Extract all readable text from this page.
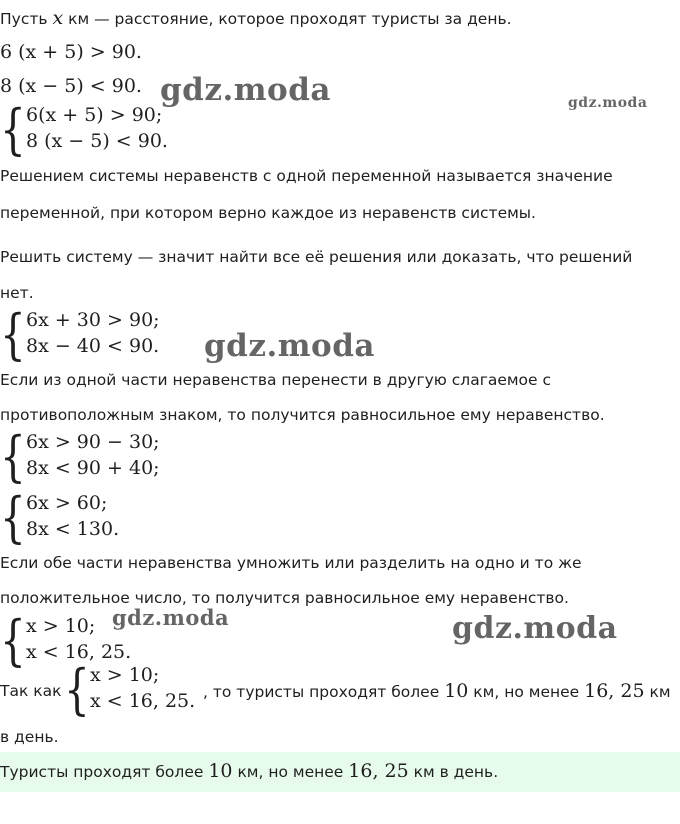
Пусть x км — расстояние, которое проходят туристы за день.
6 (x + 5) > 90.
8 (x − 5) < 90.
{ 6(x + 5) > 90;
8 (x − 5) < 90.
Решением системы неравенств с одной переменной называется значение
переменной, при котором верно каждое из неравенств системы.
Решить систему — значит найти все её решения или доказать, что решений
нет.
{ 6x + 30 > 90;
8x − 40 < 90.
Если из одной части неравенства перенести в другую слагаемое с
противоположным знаком, то получится равносильное ему неравенство.
{ 6x > 90 − 30;
8x < 90 + 40;
{ 6x > 60;
8x < 130.
Если обе части неравенства умножить или разделить на одно и то же
положительное число, то получится равносильное ему неравенство.
{ x > 10;
x < 16, 25.
Так как { x > 10;
x < 16, 25. , то туристы проходят более 10 км, но менее 16, 25 км
в день.
Туристы проходят более 10 км, но менее 16, 25 км в день.
gdz.moda	gdz.moda
gdz.moda
gdz.moda	gdz.moda
